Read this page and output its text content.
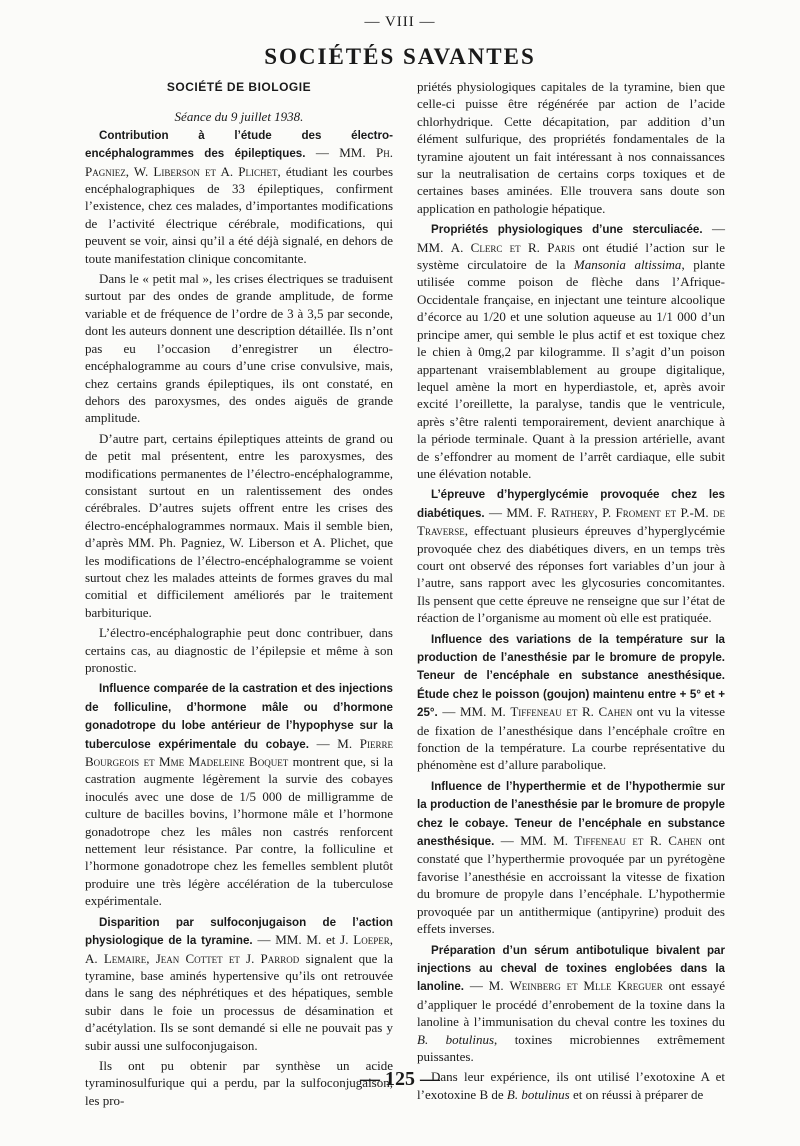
— VIII —
SOCIÉTÉS SAVANTES
SOCIÉTÉ DE BIOLOGIE

Séance du 9 juillet 1938.

Contribution à l’étude des électro-encéphalogrammes des épileptiques. — MM. Ph. Pagniez, W. Liberson et A. Plichet, étudiant les courbes encéphalographiques de 33 épileptiques, confirment l’existence, chez ces malades, d’importantes modifications de l’activité électrique cérébrale, modifications, qui peuvent se voir, ainsi qu’il a été déjà signalé, en dehors de toute manifestation clinique concomitante.

Dans le « petit mal », les crises électriques se traduisent surtout par des ondes de grande amplitude, de forme variable et de fréquence de l’ordre de 3 à 3,5 par seconde, dont les auteurs donnent une description détaillée. Ils n’ont pas eu l’occasion d’enregistrer un électro-encéphalogramme au cours d’une crise convulsive, mais, chez certains grands épileptiques, ils ont constaté, en dehors des paroxysmes, des ondes aiguës de grande amplitude.

D’autre part, certains épileptiques atteints de grand ou de petit mal présentent, entre les paroxysmes, des modifications permanentes de l’électro-encéphalogramme, consistant surtout en un ralentissement des ondes cérébrales. D’autres sujets offrent entre les crises des électro-encéphalogrammes normaux. Mais il semble bien, d’après MM. Ph. Pagniez, W. Liberson et A. Plichet, que les modifications de l’électro-encéphalogramme se voient surtout chez les malades atteints de formes graves du mal comitial et difficilement améliorés par le traitement barbiturique.

L’électro-encéphalographie peut donc contribuer, dans certains cas, au diagnostic de l’épilepsie et même à son pronostic.

Influence comparée de la castration et des injections de folliculine, d’hormone mâle ou d’hormone gonadotrope du lobe antérieur de l’hypophyse sur la tuberculose expérimentale du cobaye. — M. Pierre Bourgeois et Mme Madeleine Boquet montrent que, si la castration augmente légèrement la survie des cobayes inoculés avec une dose de 1/5 000 de milligramme de culture de bacilles bovins, l’hormone mâle et l’hormone gonadotrope chez les mâles non castrés renforcent nettement leur résistance. Par contre, la folliculine et l’hormone gonadotrope chez les femelles semblent plutôt produire une très légère accélération de la tuberculose expérimentale.

Disparition par sulfoconjugaison de l’action physiologique de la tyramine. — MM. M. et J. Loeper, A. Lemaire, Jean Cottet et J. Parrod signalent que la tyramine, base aminés hypertensive qu’ils ont retrouvée dans le sang des néphrétiques et des hépatiques, semble subir dans le foie un processus de désamination et d’acétylation. Ils se sont demandé si elle ne pouvait pas y subir aussi une sulfoconjugaison.

Ils ont pu obtenir par synthèse un acide tyraminosulfurique qui a perdu, par la sulfoconjugaison, les pro-

priétés physiologiques capitales de la tyramine, bien que celle-ci puisse être régénérée par action de l’acide chlorhydrique. Cette décapitation, par addition d’un élément sulfurique, des propriétés fondamentales de la tyramine ajoutent un fait intéressant à nos connaissances sur la neutralisation de certains corps toxiques et de certaines bases aminées. Elle trouvera sans doute son application en pathologie hépatique.

Propriétés physiologiques d’une sterculiacée. — MM. A. Clerc et R. Paris ont étudié l’action sur le système circulatoire de la Mansonia altissima, plante utilisée comme poison de flèche dans l’Afrique-Occidentale française, en injectant une teinture alcoolique d’écorce au 1/20 et une solution aqueuse au 1/1 000 d’un principe amer, qui semble le plus actif et est toxique chez le chien à 0mg,2 par kilogramme. Il s’agit d’un poison appartenant vraisemblablement au groupe digitalique, lequel amène la mort en hyperdiastole, et, après avoir excité l’oreillette, la paralyse, tandis que le ventricule, après s’être ralenti temporairement, devient anarchique à la période terminale. Quant à la pression artérielle, avant de s’effondrer au moment de l’arrêt cardiaque, elle subit une élévation notable.

L’épreuve d’hyperglycémie provoquée chez les diabétiques. — MM. F. Rathery, P. Froment et P.-M. de Traverse, effectuant plusieurs épreuves d’hyperglycémie provoquée chez des diabétiques divers, en un temps très court ont observé des réponses fort variables d’un jour à l’autre, sans rapport avec les glycosuries concomitantes. Ils pensent que cette épreuve ne renseigne que sur l’état de réaction de l’organisme au moment où elle est pratiquée.

Influence des variations de la température sur la production de l’anesthésie par le bromure de propyle. Teneur de l’encéphale en substance anesthésique. Étude chez le poisson (goujon) maintenu entre + 5° et + 25°. — MM. M. Tiffeneau et R. Cahen ont vu la vitesse de fixation de l’anesthésique dans l’encéphale croître en fonction de la température. La courbe représentative du phénomène est d’allure parabolique.

Influence de l’hyperthermie et de l’hypothermie sur la production de l’anesthésie par le bromure de propyle chez le cobaye. Teneur de l’encéphale en substance anesthésique. — MM. M. Tiffeneau et R. Cahen ont constaté que l’hyperthermie provoquée par un pyrétogène favorise l’anesthésie en accroissant la vitesse de fixation du bromure de propyle dans l’encéphale. L’hypothermie provoquée par un antithermique (antipyrine) produit des effets inverses.

Préparation d’un sérum antibotulique bivalent par injections au cheval de toxines englobées dans la lanoline. — M. Weinberg et Mlle Kreguer ont essayé d’appliquer le procédé d’enrobement de la toxine dans la lanoline à l’immunisation du cheval contre les toxines du B. botulinus, toxines microbiennes extrêmement puissantes.

Dans leur expérience, ils ont utilisé l’exotoxine A et l’exotoxine B de B. botulinus et on réussi à préparer de

— 125 —
